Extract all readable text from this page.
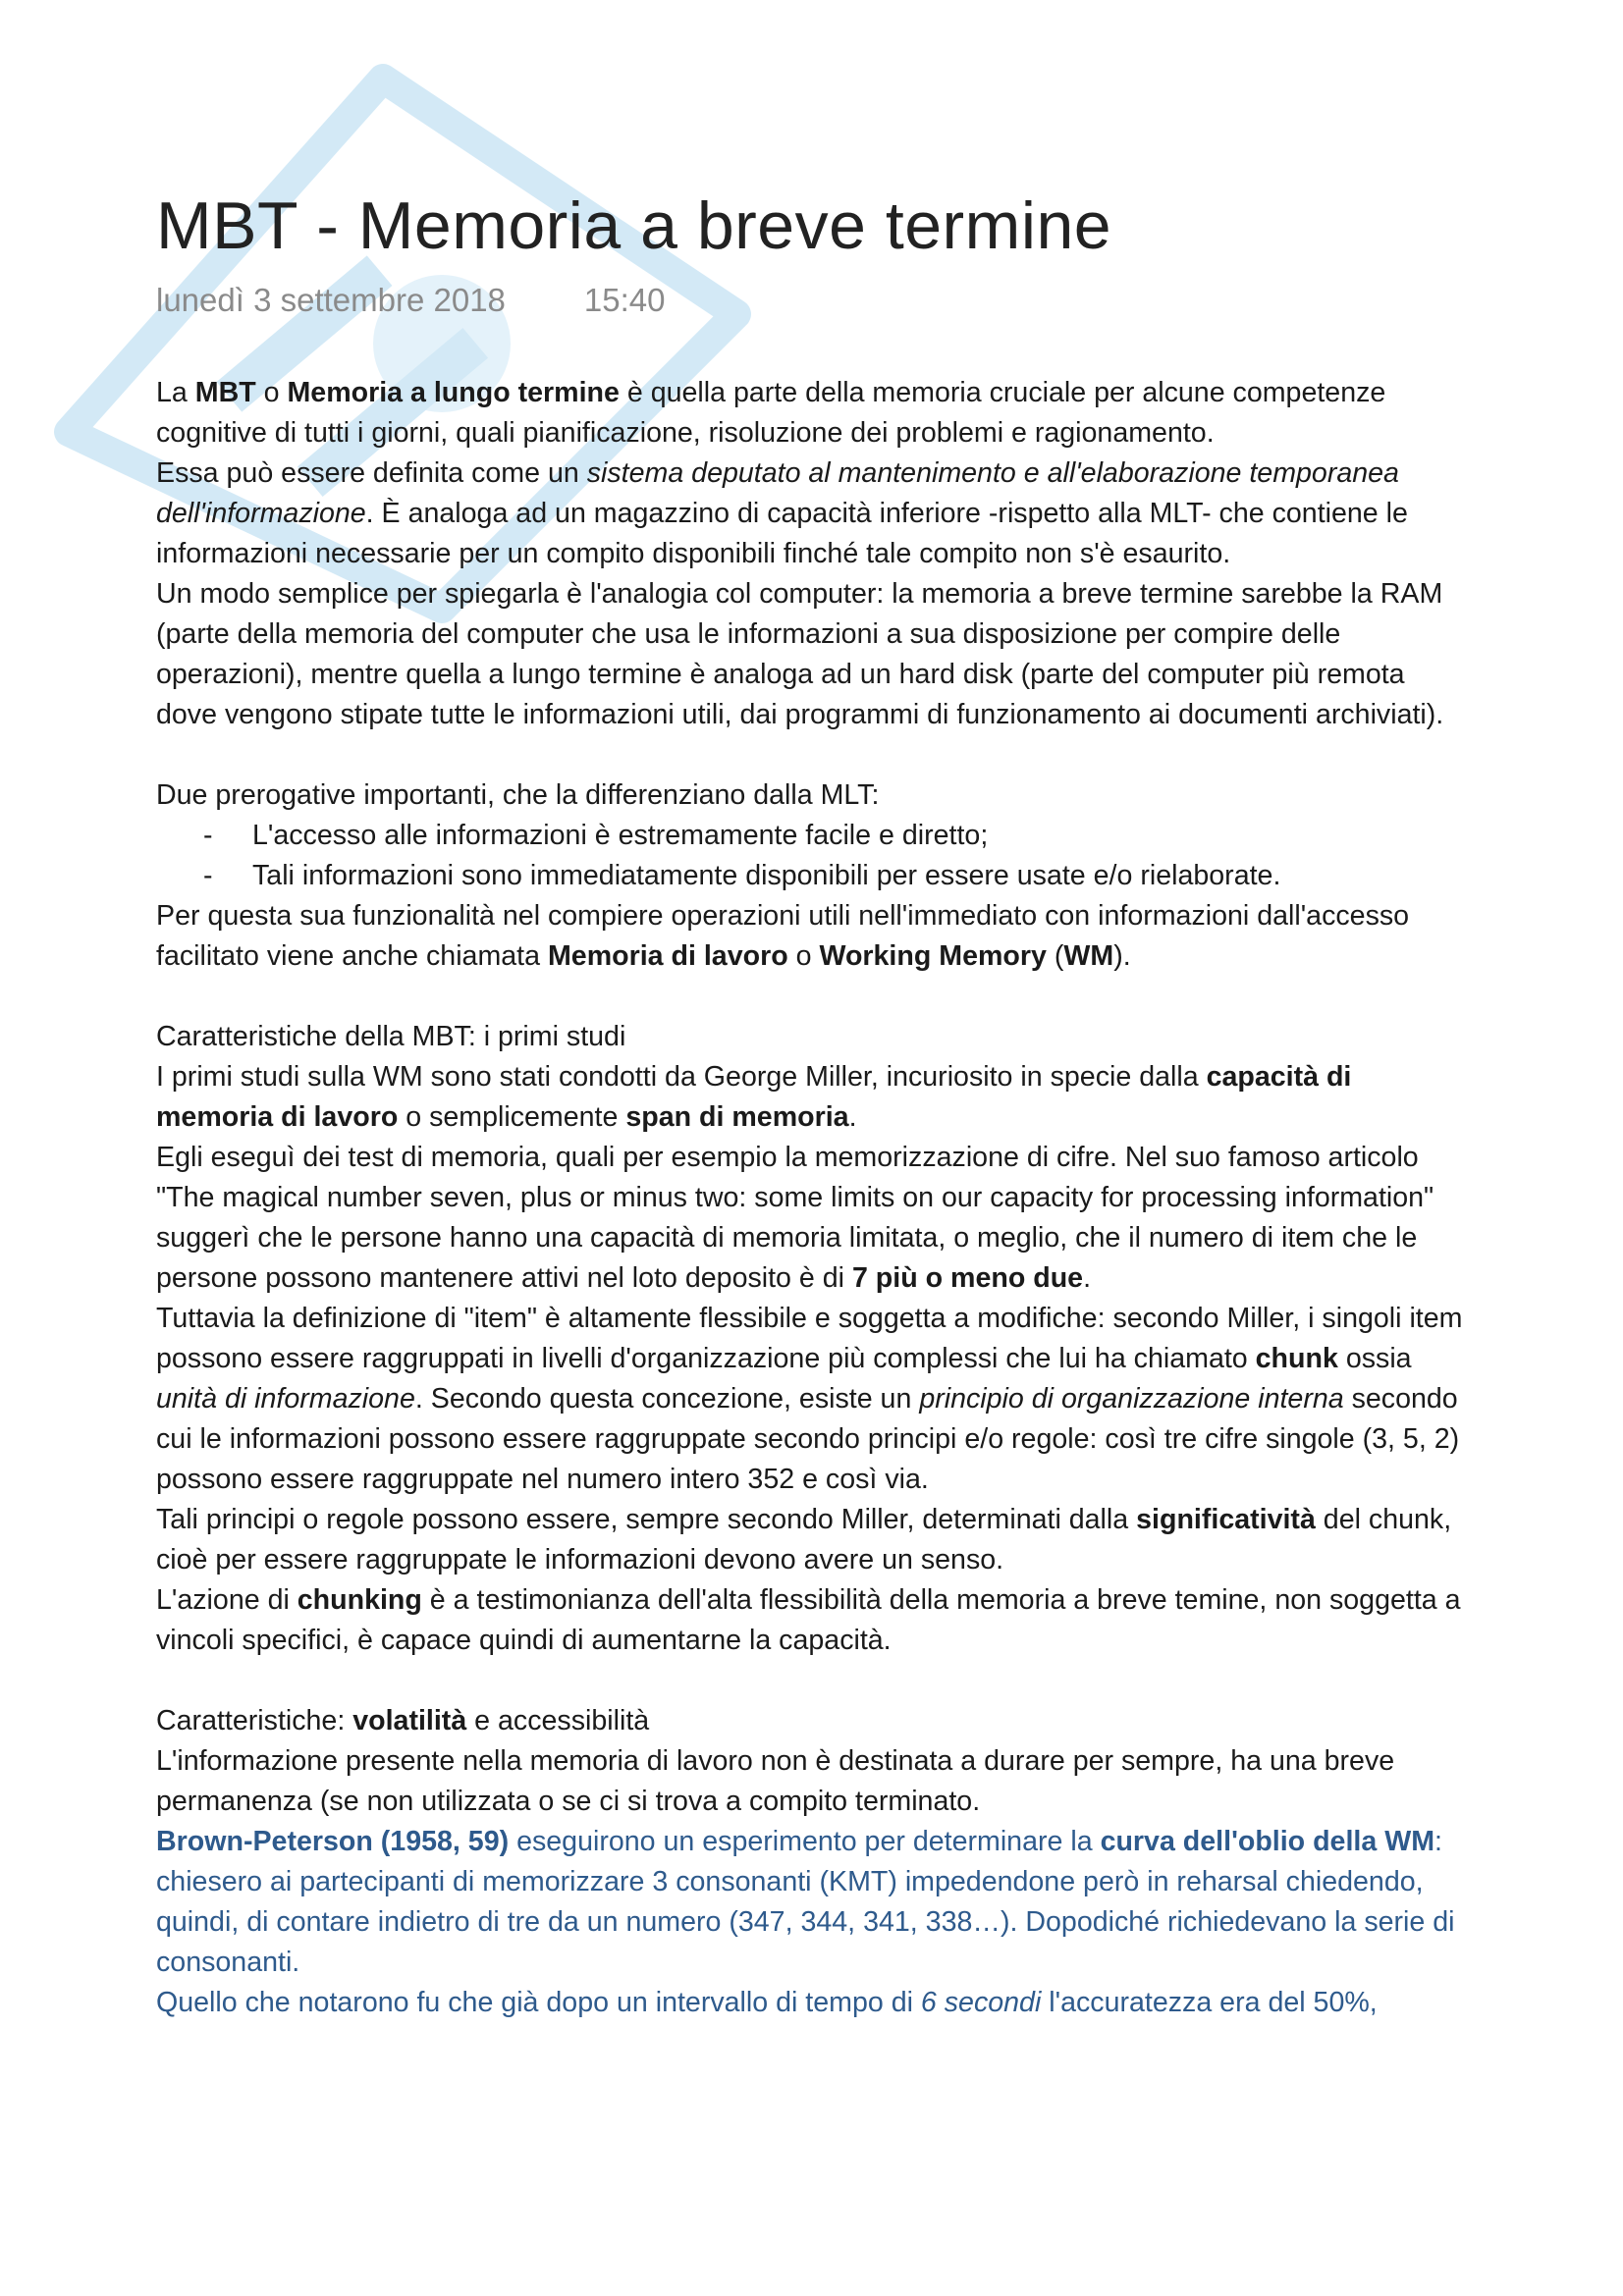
MBT - Memoria a breve termine
lunedì 3 settembre 2018 15:40

La MBT o Memoria a lungo termine è quella parte della memoria cruciale per alcune competenze cognitive di tutti i giorni, quali pianificazione, risoluzione dei problemi e ragionamento.

Essa può essere definita come un sistema deputato al mantenimento e all'elaborazione temporanea dell'informazione. È analoga ad un magazzino di capacità inferiore -rispetto alla MLT- che contiene le informazioni necessarie per un compito disponibili finché tale compito non s'è esaurito.

Un modo semplice per spiegarla è l'analogia col computer: la memoria a breve termine sarebbe la RAM (parte della memoria del computer che usa le informazioni a sua disposizione per compire delle operazioni), mentre quella a lungo termine è analoga ad un hard disk (parte del computer più remota dove vengono stipate tutte le informazioni utili, dai programmi di funzionamento ai documenti archiviati).

Due prerogative importanti, che la differenziano dalla MLT:

-	L'accesso alle informazioni è estremamente facile e diretto;
-	Tali informazioni sono immediatamente disponibili per essere usate e/o rielaborate.

Per questa sua funzionalità nel compiere operazioni utili nell'immediato con informazioni dall'accesso facilitato viene anche chiamata Memoria di lavoro o Working Memory (WM).

Caratteristiche della MBT: i primi studi

I primi studi sulla WM sono stati condotti da George Miller, incuriosito in specie dalla capacità di memoria di lavoro o semplicemente span di memoria.

Egli eseguì dei test di memoria, quali per esempio la memorizzazione di cifre. Nel suo famoso articolo "The magical number seven, plus or minus two: some limits on our capacity for processing information" suggerì che le persone hanno una capacità di memoria limitata, o meglio, che il numero di item che le persone possono mantenere attivi nel loto deposito è di 7 più o meno due.

Tuttavia la definizione di "item" è altamente flessibile e soggetta a modifiche: secondo Miller, i singoli item possono essere raggruppati in livelli d'organizzazione più complessi che lui ha chiamato chunk ossia unità di informazione. Secondo questa concezione, esiste un principio di organizzazione interna secondo cui le informazioni possono essere raggruppate secondo principi e/o regole: così tre cifre singole (3, 5, 2) possono essere raggruppate nel numero intero 352 e così via.

Tali principi o regole possono essere, sempre secondo Miller, determinati dalla significatività del chunk, cioè per essere raggruppate le informazioni devono avere un senso.

L'azione di chunking è a testimonianza dell'alta flessibilità della memoria a breve temine, non soggetta a vincoli specifici, è capace quindi di aumentarne la capacità.

Caratteristiche: volatilità e accessibilità

L'informazione presente nella memoria di lavoro non è destinata a durare per sempre, ha una breve permanenza (se non utilizzata o se ci si trova a compito terminato.

Brown-Peterson (1958, 59) eseguirono un esperimento per determinare la curva dell'oblio della WM: chiesero ai partecipanti di memorizzare 3 consonanti (KMT) impedendone però in reharsal chiedendo, quindi, di contare indietro di tre da un numero (347, 344, 341, 338…). Dopodiché richiedevano la serie di consonanti.

Quello che notarono fu che già dopo un intervallo di tempo di 6 secondi l'accuratezza era del 50%,
